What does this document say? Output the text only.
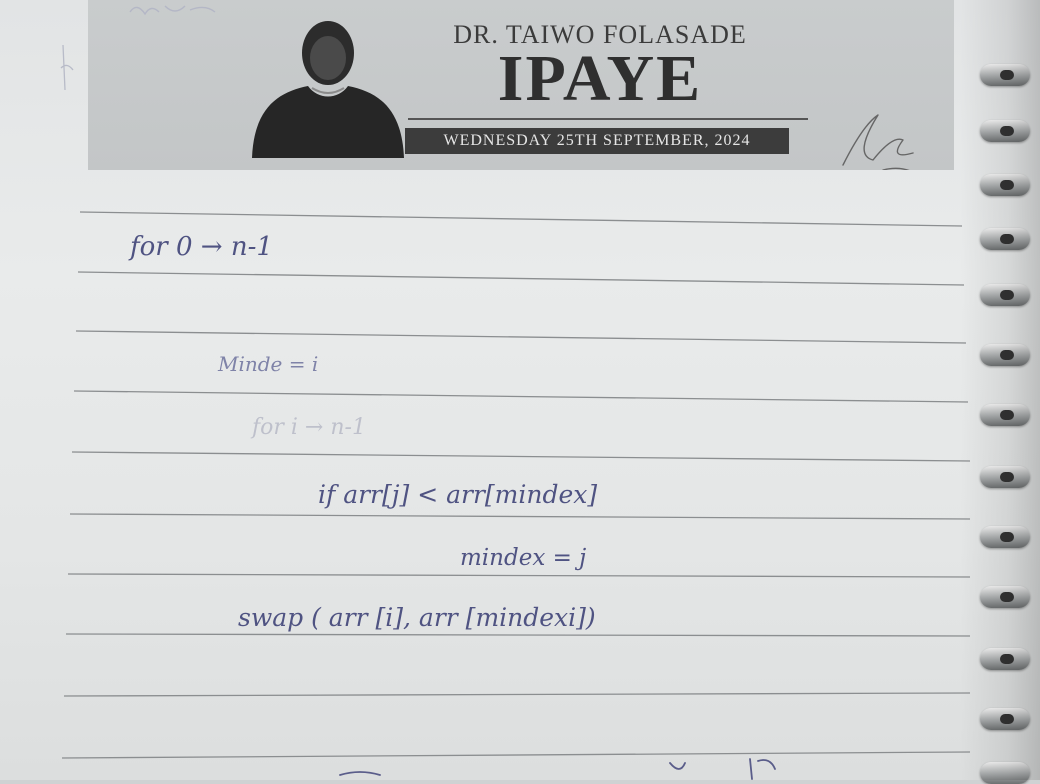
DR. TAIWO FOLASADE
IPAYE
WEDNESDAY 25TH SEPTEMBER, 2024
for 0 → n-1
Minde = i
for i → n-1
if arr[j] < arr[mindex]
mindex = j
swap ( arr [i], arr [mindexi])
